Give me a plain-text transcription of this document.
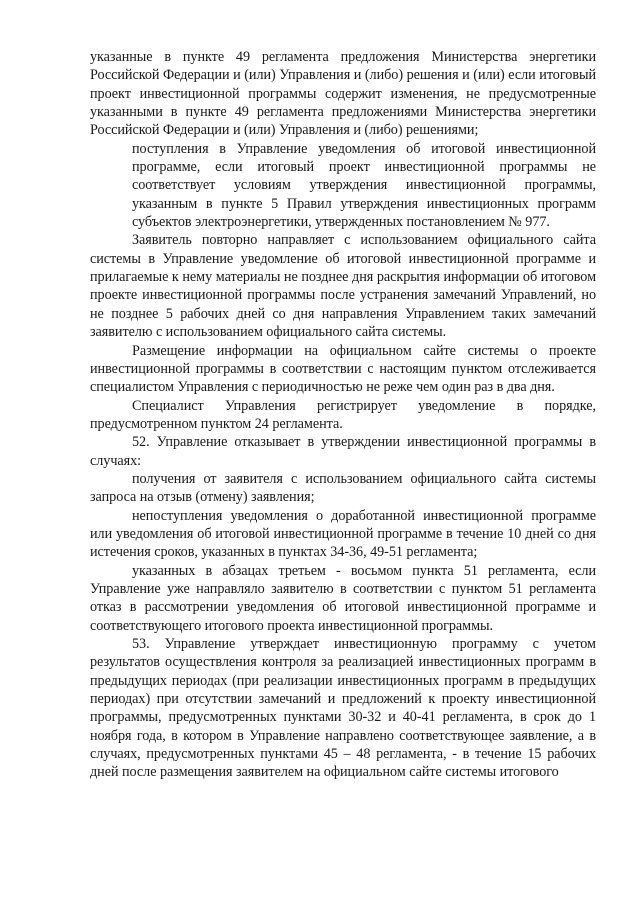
указанные в пункте 49 регламента предложения Министерства энергетики Российской Федерации и (или) Управления и (либо) решения и (или) если итоговый проект инвестиционной программы содержит изменения, не предусмотренные указанными в пункте 49 регламента предложениями Министерства энергетики Российской Федерации и (или) Управления и (либо) решениями;

поступления в Управление уведомления об итоговой инвестиционной программе, если итоговый проект инвестиционной программы не соответствует условиям утверждения инвестиционной программы, указанным в пункте 5 Правил утверждения инвестиционных программ субъектов электроэнергетики, утвержденных постановлением № 977.

Заявитель повторно направляет с использованием официального сайта системы в Управление уведомление об итоговой инвестиционной программе и прилагаемые к нему материалы не позднее дня раскрытия информации об итоговом проекте инвестиционной программы после устранения замечаний Управлений, но не позднее 5 рабочих дней со дня направления Управлением таких замечаний заявителю с использованием официального сайта системы.

Размещение информации на официальном сайте системы о проекте инвестиционной программы в соответствии с настоящим пунктом отслеживается специалистом Управления с периодичностью не реже чем один раз в два дня.

Специалист Управления регистрирует уведомление в порядке, предусмотренном пунктом 24 регламента.

52. Управление отказывает в утверждении инвестиционной программы в случаях:

получения от заявителя с использованием официального сайта системы запроса на отзыв (отмену) заявления;

непоступления уведомления о доработанной инвестиционной программе или уведомления об итоговой инвестиционной программе в течение 10 дней со дня истечения сроков, указанных в пунктах 34-36, 49-51 регламента;

указанных в абзацах третьем - восьмом пункта 51 регламента, если Управление уже направляло заявителю в соответствии с пунктом 51 регламента отказ в рассмотрении уведомления об итоговой инвестиционной программе и соответствующего итогового проекта инвестиционной программы.

53. Управление утверждает инвестиционную программу с учетом результатов осуществления контроля за реализацией инвестиционных программ в предыдущих периодах (при реализации инвестиционных программ в предыдущих периодах) при отсутствии замечаний и предложений к проекту инвестиционной программы, предусмотренных пунктами 30-32 и 40-41 регламента, в срок до 1 ноября года, в котором в Управление направлено соответствующее заявление, а в случаях, предусмотренных пунктами 45 – 48 регламента, - в течение 15 рабочих дней после размещения заявителем на официальном сайте системы итогового
